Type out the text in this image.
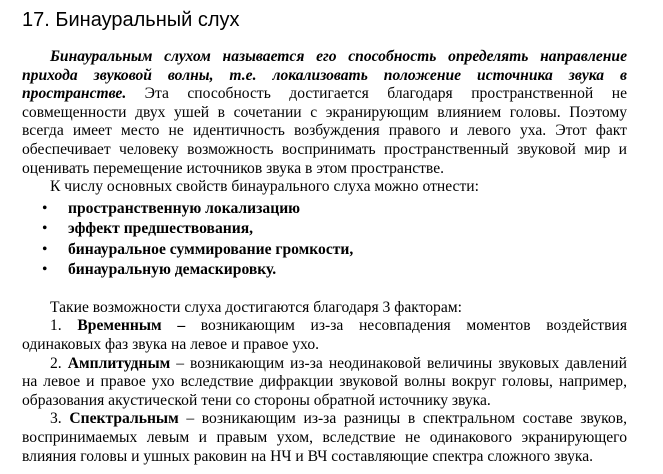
17. Бинауральный слух

Бинауральным слухом называется его способность определять направление прихода звуковой волны, т.е. локализовать положение источника звука в пространстве. Эта способность достигается благодаря пространственной не совмещенности двух ушей в сочетании с экранирующим влиянием головы. Поэтому всегда имеет место не идентичность возбуждения правого и левого уха. Этот факт обеспечивает человеку возможность воспринимать пространственный звуковой мир и оценивать перемещение источников звука в этом пространстве.

К числу основных свойств бинаурального слуха можно отнести:

• пространственную локализацию
• эффект предшествования,
• бинауральное суммирование громкости,
• бинауральную демаскировку.

Такие возможности слуха достигаются благодаря 3 факторам:

1. Временным – возникающим из-за несовпадения моментов воздействия одинаковых фаз звука на левое и правое ухо.

2. Амплитудным – возникающим из-за неодинаковой величины звуковых давлений на левое и правое ухо вследствие дифракции звуковой волны вокруг головы, например, образования акустической тени со стороны обратной источнику звука.

3. Спектральным – возникающим из-за разницы в спектральном составе звуков, воспринимаемых левым и правым ухом, вследствие не одинакового экранирующего влияния головы и ушных раковин на НЧ и ВЧ составляющие спектра сложного звука.
